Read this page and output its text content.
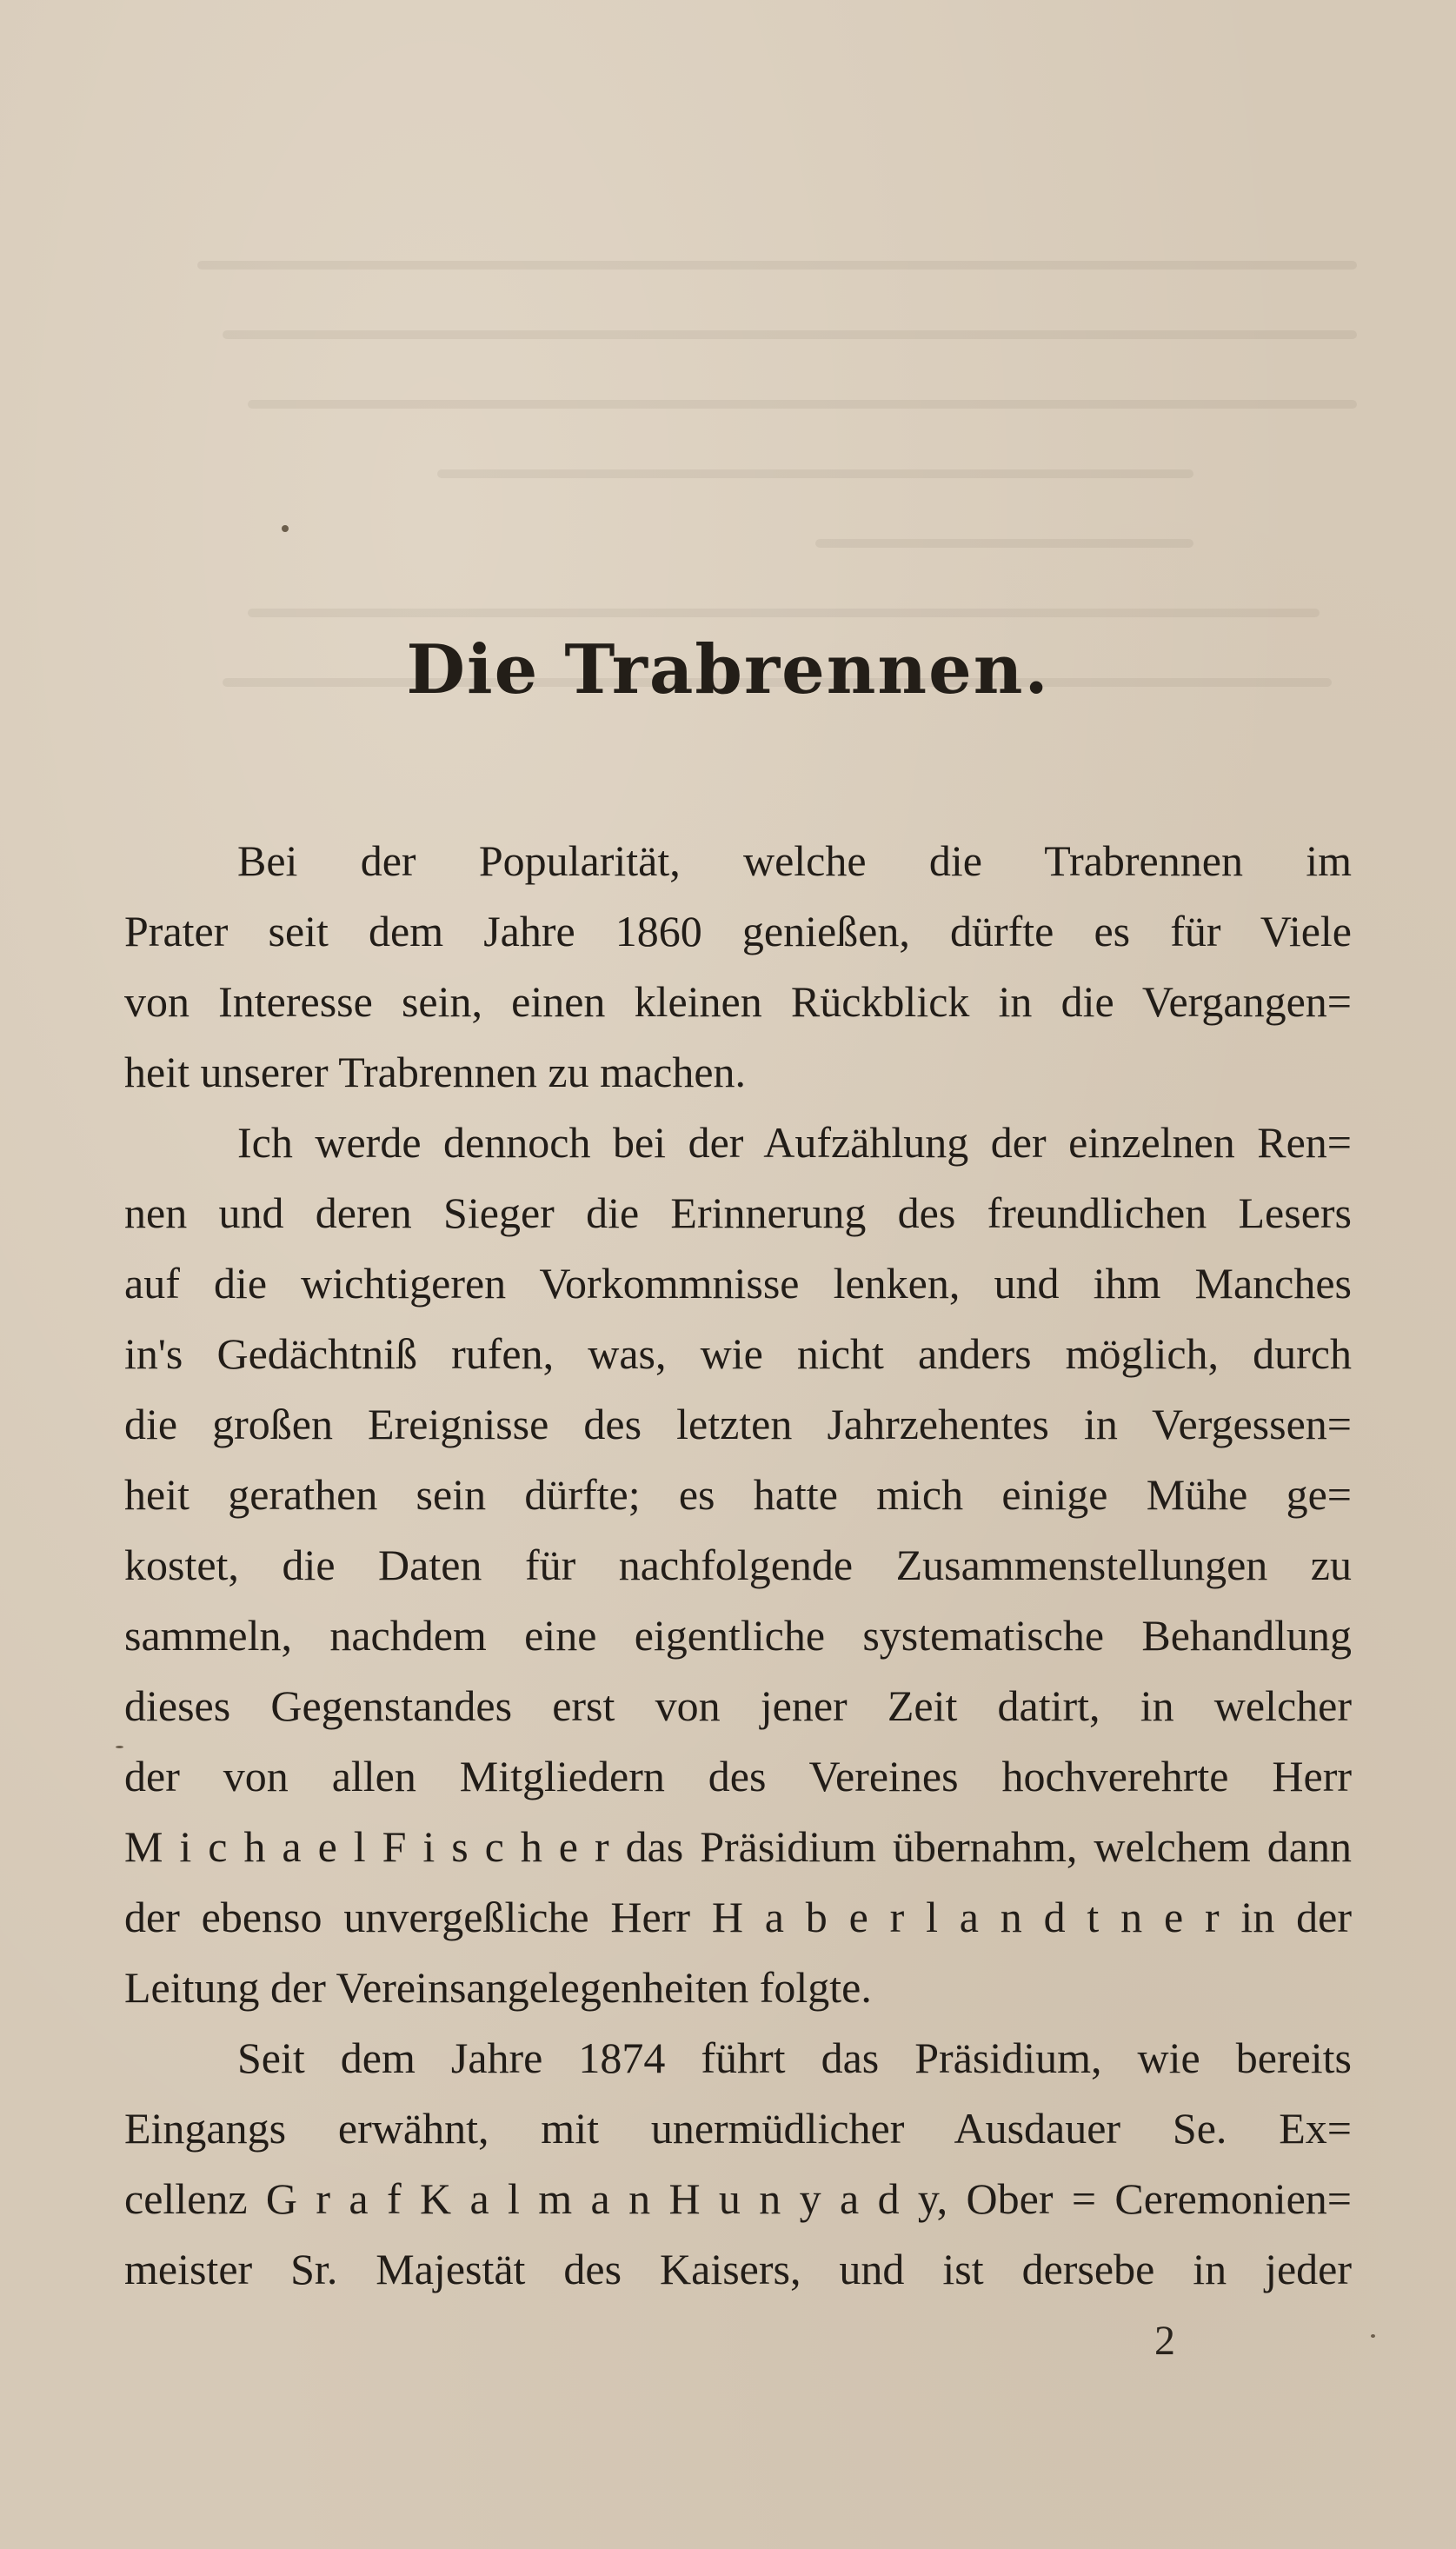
Die Trabrennen.
Bei der Popularität, welche die Trabrennen im
Prater seit dem Jahre 1860 genießen, dürfte es für Viele
von Interesse sein, einen kleinen Rückblick in die Vergangen=
heit unserer Trabrennen zu machen.
Ich werde dennoch bei der Aufzählung der einzelnen Ren=
nen und deren Sieger die Erinnerung des freundlichen Lesers
auf die wichtigeren Vorkommnisse lenken, und ihm Manches
in's Gedächtniß rufen, was, wie nicht anders möglich, durch
die großen Ereignisse des letzten Jahrzehentes in Vergessen=
heit gerathen sein dürfte; es hatte mich einige Mühe ge=
kostet, die Daten für nachfolgende Zusammenstellungen zu
sammeln, nachdem eine eigentliche systematische Behandlung
dieses Gegenstandes erst von jener Zeit datirt, in welcher
der von allen Mitgliedern des Vereines hochverehrte Herr
M i c h a e l F i s c h e r das Präsidium übernahm, welchem dann
der ebenso unvergeßliche Herr H a b e r l a n d t n e r in der
Leitung der Vereinsangelegenheiten folgte.
Seit dem Jahre 1874 führt das Präsidium, wie bereits
Eingangs erwähnt, mit unermüdlicher Ausdauer Se. Ex=
cellenz G r a f K a l m a n H u n y a d y, Ober = Ceremonien=
meister Sr. Majestät des Kaisers, und ist dersebe in jeder
2
